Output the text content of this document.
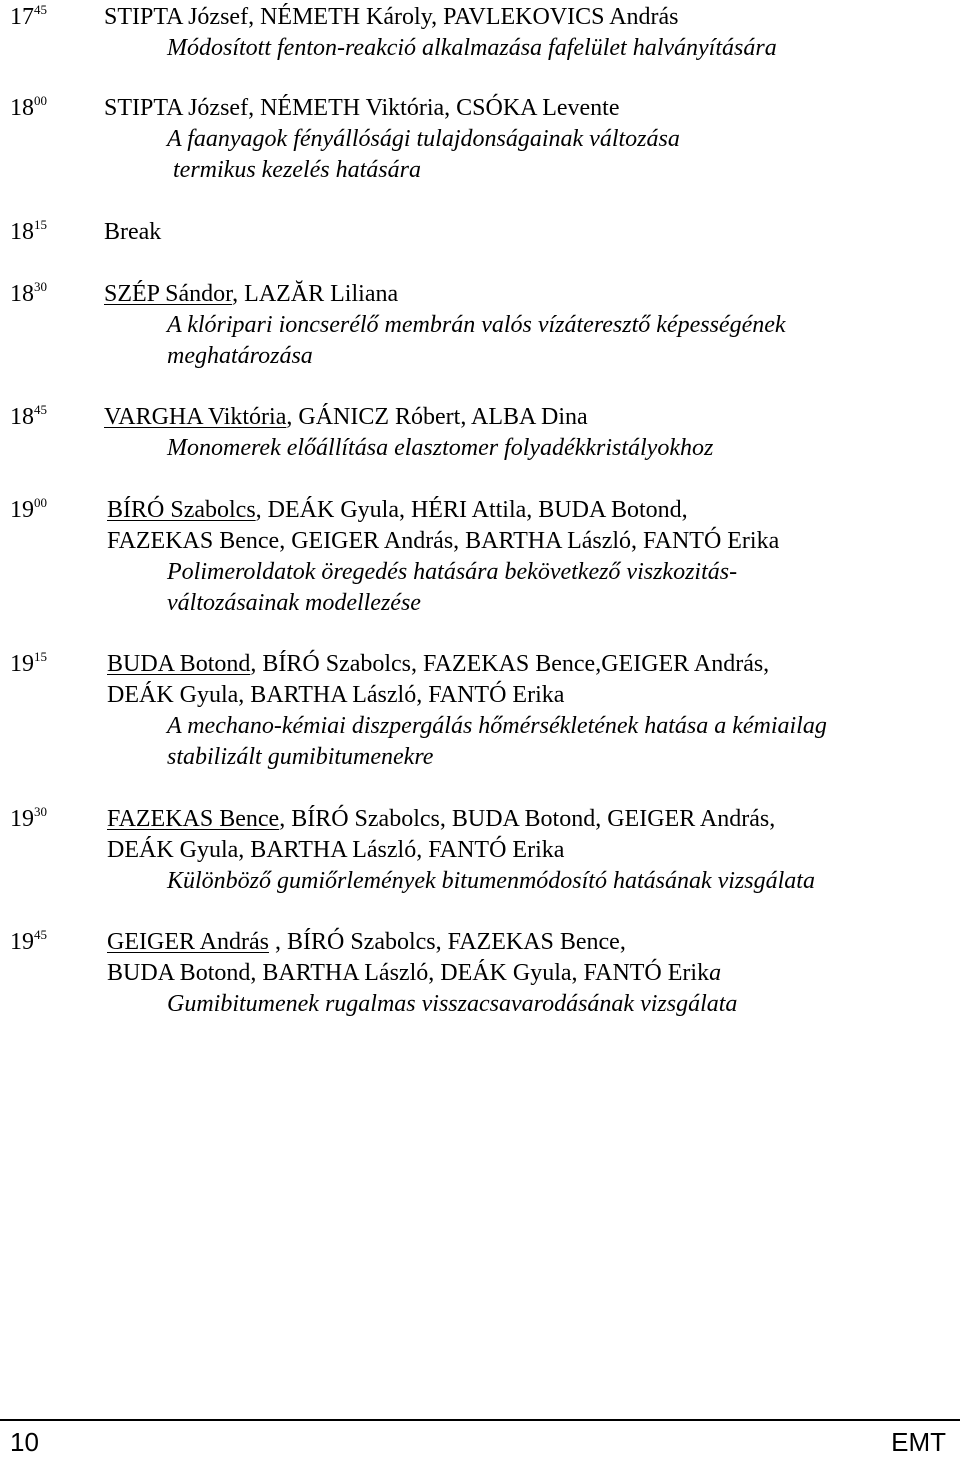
$17^{45}$ STIPTA József, NÉMETH Károly, PAVLEKOVICS András
Módosított fenton-reakció alkalmazása fafelület halványítására
$18^{00}$ STIPTA József, NÉMETH Viktória, CSÓKA Levente
A faanyagok fényállósági tulajdonságainak változása
termikus kezelés hatására
$18^{15}$ Break
$18^{30}$ SZÉP Sándor, LAZĂR Liliana
A klóripari ioncserélő membrán valós vízáteresztő képességének
meghatározása
$18^{45}$ VARGHA Viktória, GÁNICZ Róbert, ALBA Dina
Monomerek előállítása elasztomer folyadékkristályokhoz
$19^{00}$	BÍRÓ Szabolcs, DEÁK Gyula, HÉRI Attila, BUDA Botond,
FAZEKAS Bence, GEIGER András, BARTHA László, FANTÓ Erika
Polimeroldatok öregedés hatására bekövetkező viszkozitás-
változásainak modellezése
$19^{15}$	BUDA Botond, BÍRÓ Szabolcs, FAZEKAS Bence,GEIGER András,
DEÁK Gyula, BARTHA László, FANTÓ Erika
A mechano-kémiai diszpergálás hőmérsékletének hatása a kémiailag
stabilizált gumibitumenekre
$19^{30}$	FAZEKAS Bence, BÍRÓ Szabolcs, BUDA Botond, GEIGER András,
DEÁK Gyula, BARTHA László, FANTÓ Erika
Különböző gumiőrlemények bitumenmódosító hatásának vizsgálata
$19^{45}$	GEIGER András , BÍRÓ Szabolcs, FAZEKAS Bence,
BUDA Botond, BARTHA László, DEÁK Gyula, FANTÓ Erika
Gumibitumenek rugalmas visszacsavarodásának vizsgálata
10	EMT
